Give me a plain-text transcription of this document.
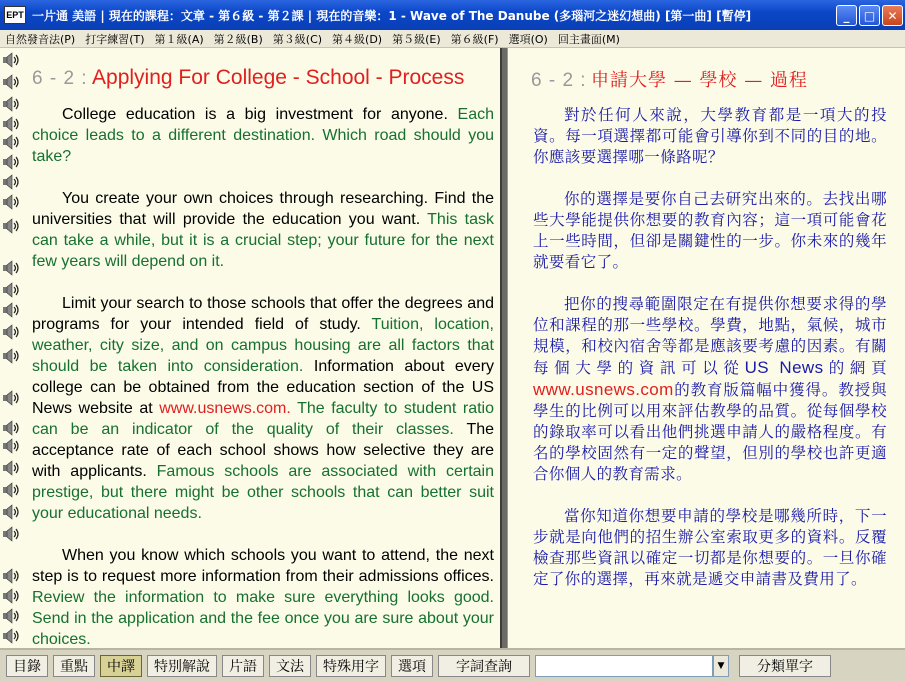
EPT 一片通 美語 | 現在的課程：文章 - 第６級 - 第２課 | 現在的音樂：1 - Wave of The Danube (多瑙河之迷幻想曲) [第一曲] [暫停]	_	□	✕
自然發音法(P) 打字練習(T) 第１級(A) 第２級(B) 第３級(C) 第４級(D) 第５級(E) 第６級(F) 選項(O) 回主畫面(M)
6 - 2 : Applying For College - School - Process

College education is a big investment for anyone. Each choice leads to a different destination. Which road should you take?

You create your own choices through researching. Find the universities that will provide the education you want. This task can take a while, but it is a crucial step; your future for the next few years will depend on it.

Limit your search to those schools that offer the degrees and programs for your intended field of study. Tuition, location, weather, city size, and on campus housing are all factors that should be taken into consideration. Information about every college can be obtained from the education section of the US News website at www.usnews.com. The faculty to student ratio can be an indicator of the quality of their classes. The acceptance rate of each school shows how selective they are with applicants. Famous schools are associated with certain prestige, but there might be other schools that can better suit your educational needs.

When you know which schools you want to attend, the next step is to request more information from their admissions offices. Review the information to make sure everything looks good. Send in the application and the fee once you are sure about your choices.

6 - 2 : 申請大學 — 學校 — 過程

對於任何人來說，大學教育都是一項大的投資。每一項選擇都可能會引導你到不同的目的地。你應該要選擇哪一條路呢？

你的選擇是要你自己去研究出來的。去找出哪些大學能提供你想要的教育內容；這一項可能會花上一些時間，但卻是關鍵性的一步。你未來的幾年就要看它了。

把你的搜尋範圍限定在有提供你想要求得的學位和課程的那一些學校。學費，地點，氣候，城市規模，和校內宿舍等都是應該要考慮的因素。有關每個大學的資訊可以從US News的網頁www.usnews.com的教育版篇幅中獲得。教授與學生的比例可以用來評估教學的品質。從每個學校的錄取率可以看出他們挑選申請人的嚴格程度。有名的學校固然有一定的聲望，但別的學校也許更適合你個人的教育需求。

當你知道你想要申請的學校是哪幾所時，下一步就是向他們的招生辦公室索取更多的資料。反覆檢查那些資訊以確定一切都是你想要的。一旦你確定了你的選擇，再來就是遞交申請書及費用了。

目錄	重點	中譯	特別解說	片語	文法	特殊用字	選項	字詞查詢	▼	分類單字
